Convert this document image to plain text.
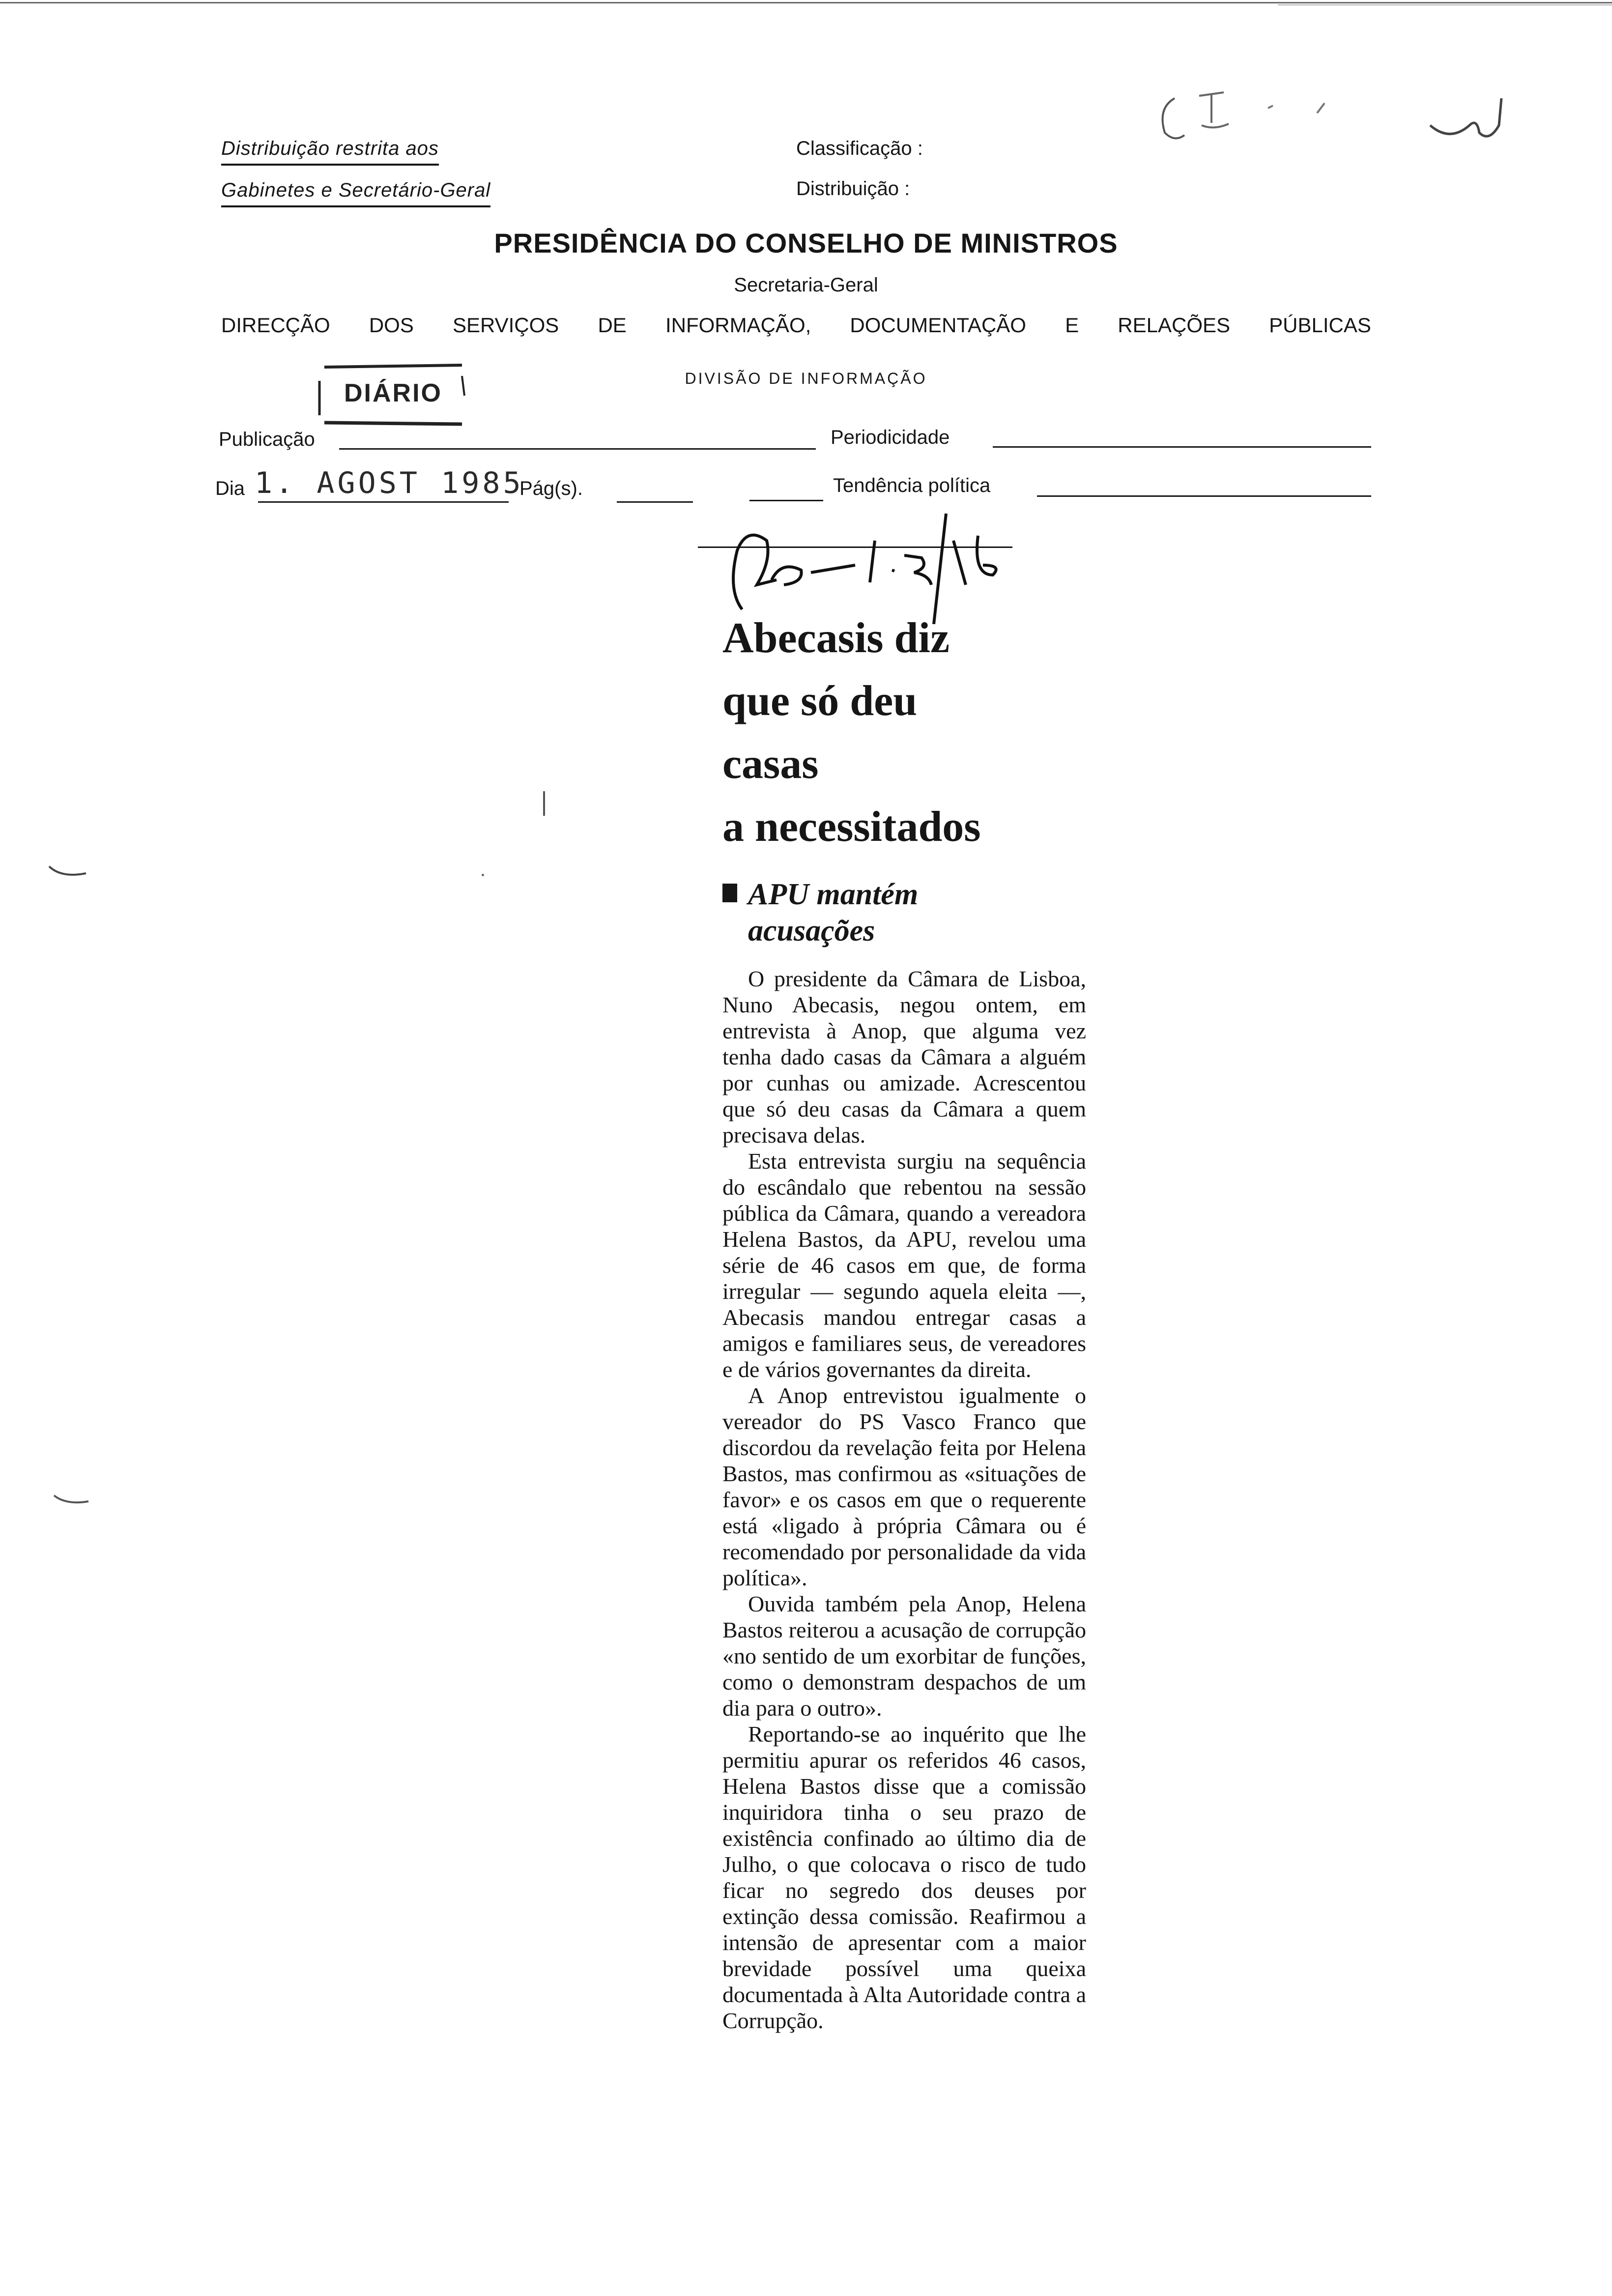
C. C. 2u
Distribuição restrita aos
Gabinetes e Secretário-Geral
Classificação :
Distribuição :
PRESIDÊNCIA DO CONSELHO DE MINISTROS
Secretaria-Geral
DIRECÇÃO DOS SERVIÇOS DE INFORMAÇÃO, DOCUMENTAÇÃO E RELAÇÕES PÚBLICAS
DIVISÃO DE INFORMAÇÃO
DIÁRIO
Publicação	Periodicidade
Dia 1. AGOST 1985
Pág(s).	Tendência política
Ae 1.8 / 16
Abecasis diz
que só deu
casas
a necessitados
APU mantém
acusações

O presidente da Câmara de Lisboa, Nuno Abecasis, negou ontem, em entrevista à Anop, que alguma vez tenha dado casas da Câmara a alguém por cunhas ou amizade. Acrescentou que só deu casas da Câmara a quem precisava delas.

Esta entrevista surgiu na sequência do escândalo que rebentou na sessão pública da Câmara, quando a vereadora Helena Bastos, da APU, revelou uma série de 46 casos em que, de forma irregular — segundo aquela eleita —, Abecasis mandou entregar casas a amigos e familiares seus, de vereadores e de vários governantes da direita.

A Anop entrevistou igualmente o vereador do PS Vasco Franco que discordou da revelação feita por Helena Bastos, mas confirmou as «situações de favor» e os casos em que o requerente está «ligado à própria Câmara ou é recomendado por personalidade da vida política».

Ouvida também pela Anop, Helena Bastos reiterou a acusação de corrupção «no sentido de um exorbitar de funções, como o demonstram despachos de um dia para o outro».

Reportando-se ao inquérito que lhe permitiu apurar os referidos 46 casos, Helena Bastos disse que a comissão inquiridora tinha o seu prazo de existência confinado ao último dia de Julho, o que colocava o risco de tudo ficar no segredo dos deuses por extinção dessa comissão. Reafirmou a intensão de apresentar com a maior brevidade possível uma queixa documentada à Alta Autoridade contra a Corrupção.
